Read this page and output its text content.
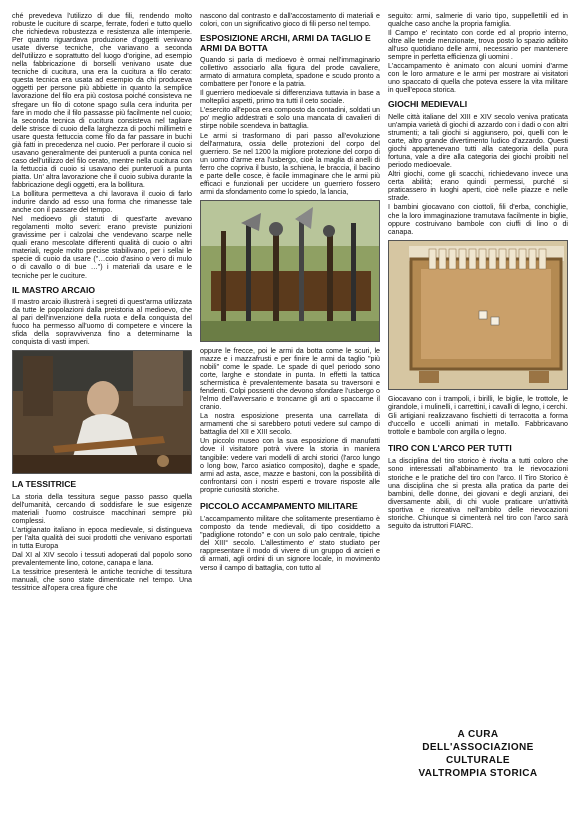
ché prevedeva l'utilizzo di due fili, rendendo molto robuste le cuciture di scarpe, ferrate, foderi e tutto quello che richiedeva robustezza e resistenza alle intemperie. Per quanto riguardava produzione d'oggetti venivano usate diverse tecniche, che variavano a seconda dell'utilizzo e soprattutto del luogo d'origine, ad esempio nella fabbricazione di borselli venivano usate due tecniche di cucitura, una era la cucitura a filo cerato: questa tecnica era usata ad esempio da chi produceva oggetti per persone più abbiette in quanto la semplice lavorazione del filo era più costosa poiché consisteva ne sfregare un filo di cotone spago sulla cera indurita per fare in modo che il filo passasse più facilmente nel cuoio; la seconda tecnica di cucitura consisteva nel tagliare delle strisce di cuoio della larghezza di pochi millimetri e usare questa fettuccia come filo da far passare in buchi già fatti in precedenza nel cuoio. Per perforare il cuoio si usavano generalmente dei punteruoli a punta conica nel caso dell'utilizzo del filo cerato, mentre nella cucitura con la fettuccia di cuoio si usavano dei punteruoli a punta piatta. Un' altra lavorazione che il cuoio subiva durante la fabbricazione degli oggetti, era la bollitura.

La bollitura permetteva a chi lavorava il cuoio di farlo indurire dando ad esso una forma che rimanesse tale anche con il passare del tempo.

Nel medioevo gli statuti di quest'arte avevano regolamenti molto severi: erano previste punizioni gravissime per i calzolai che vendevano scarpe nelle quali erano mescolate differenti qualità di cuoio o altri materiali, regole molto precise stabilivano, per i sellai le specie di cuoio da usare ("…coio d'asino o vero di mulo o di cavallo o di bue …") i materiali da usare e le tecniche per le cuciture.

IL MASTRO ARCAIO

Il mastro arcaio illustrerà i segreti di quest'arma utilizzata da tutte le popolazioni dalla preistoria al medioevo, che al pari dell'invenzione della ruota e della conquista del fuoco ha permesso all'uomo di competere e vincere la sfida della sopravvivenza fino a determinarne la conquista di vasti imperi.

LA TESSITRICE

La storia della tessitura segue passo passo quella dell'umanità, cercando di soddisfare le sue esigenze materiali l'uomo costruisce macchinari sempre più complessi.

L'artigianato italiano in epoca medievale, si distingueva per l'alta qualità dei suoi prodotti che venivano esportati in tutta Europa

Dal XI al XIV secolo i tessuti adoperati dal popolo sono prevalentemente lino, cotone, canapa e lana.

La tessitrice presenterà le antiche tecniche di tessitura manuali, che sono state dimenticate nel tempo. Una tessitrice all'opera crea figure che

nascono dal contrasto e dall'accostamento di materiali e colori, con un significativo gioco di fili perso nel tempo.

ESPOSIZIONE ARCHI, ARMI DA TAGLIO E ARMI DA BOTTA

Quando si parla di medioevo è ormai nell'immaginario collettivo associarlo alla figura del prode cavaliere, armato di armatura completa, spadone e scudo pronto a combattere per l'onore e la patria.

Il guerriero medioevale si differenziava tuttavia in base a molteplici aspetti, primo tra tutti il ceto sociale.

L'esercito all'epoca era composto da contadini, soldati un po' meglio addestrati e solo una mancata di cavalieri di stirpe nobile scendeva in battaglia.

Le armi si trasformano di pari passo all'evoluzione dell'armatura, ossia delle protezioni del corpo del guerriero. Se nel 1200 la migliore protezione del corpo di un uomo d'arme era l'usbergo, cioè la maglia di anelli di ferro che copriva il busto, la schiena, le braccia, il bacino e parte delle cosce, è facile immaginare che le armi più efficaci e funzionali per uccidere un guerriero fossero armi da sfondamento come lo spiedo, la lancia,

oppure le frecce, poi le armi da botta come le scuri, le mazze e i mazzafrusti e per finire le armi da taglio "più nobili" come le spade. Le spade di quel periodo sono corte, larghe e stondate in punta. In effetti la tattica schermistica è prevalentemente basata su traversoni e fendenti. Colpi possenti che devono sfondare l'usbergo o l'elmo dell'avversario e troncarne gli arti o spaccarne il cranio.

La nostra esposizione presenta una carrellata di armamenti che si sarebbero potuti vedere sul campo di battaglia del XII e XIII secolo.

Un piccolo museo con la sua esposizione di manufatti dove il visitatore potrà vivere la storia in maniera tangibile: vedere vari modelli di archi storici (l'arco lungo o long bow, l'arco asiatico composito), daghe e spade, armi ad asta, asce, mazze e bastoni, con la possibilità di confrontarsi con i nostri esperti e trovare risposte alle proprie curiosità storiche.

PICCOLO ACCAMPAMENTO MILITARE

L'accampamento militare che solitamente presentiamo è composto da tende medievali, di tipo cosiddetto a "padiglione rotondo" e con un solo palo centrale, tipiche del XIII° secolo. L'allestimento e' stato studiato per rappresentare il modo di vivere di un gruppo di arcieri e di armati, agli ordini di un signore locale, in movimento verso il campo di battaglia, con tutto al

seguito: armi, salmerie di vario tipo, suppellettili ed in qualche caso anche la propria famiglia.

Il Campo e' recintato con corde ed al proprio interno, oltre alle tende menzionate, trova posto lo spazio adibito all'uso quotidiano delle armi, necessario per mantenere sempre in perfetta efficienza gli uomini .

L'accampamento è animato con alcuni uomini d'arme con le loro armature e le armi per mostrare ai visitatori uno spaccato di quella che poteva essere la vita militare in quell'epoca storica.

GIOCHI MEDIEVALI

Nelle città italiane del XIII e XIV secolo veniva praticata un'ampia varietà di giochi di azzardo con i dadi o con altri strumenti; a tali giochi si aggiunsero, poi, quelli con le carte, altro grande divertimento ludico d'azzardo. Questi giochi appartenevano tutti alla categoria della pura fortuna, vale a dire alla categoria dei giochi proibiti nel periodo medioevale.

Altri giochi, come gli scacchi, richiedevano invece una certa abilità; erano quindi permessi, purché si praticassero in luoghi aperti, cioè nelle piazze e nelle strade.

I bambini giocavano con ciottoli, fili d'erba, conchiglie, che la loro immaginazione tramutava facilmente in biglie, oppure costruivano bambole con ciuffi di lino o di canapa.

Giocavano con i trampoli, i birilli, le biglie, le trottole, le girandole, i mulinelli, i carrettini, i cavalli di legno, i cerchi.

Gli artigiani realizzavano fischietti di terracotta a forma d'uccello e uccelli animati in metallo. Fabbricavano trottole e bambole con argilla o legno.

TIRO CON L'ARCO PER TUTTI

La disciplina del tiro storico è rivolta a tutti coloro che sono interessati all'abbinamento tra le rievocazioni storiche e le pratiche del tiro con l'arco. Il Tiro Storico è una disciplina che si presta alla pratica da parte dei bambini, delle donne, dei giovani e degli anziani, dei diversamente abili, di chi vuole praticare un'attività sportiva e ricreativa nell'ambito delle rievocazioni storiche. Chiunque si cimenterà nel tiro con l'arco sarà seguito da istruttori FIARC.

A CURA
DELL'ASSOCIAZIONE
CULTURALE
VALTROMPIA STORICA
